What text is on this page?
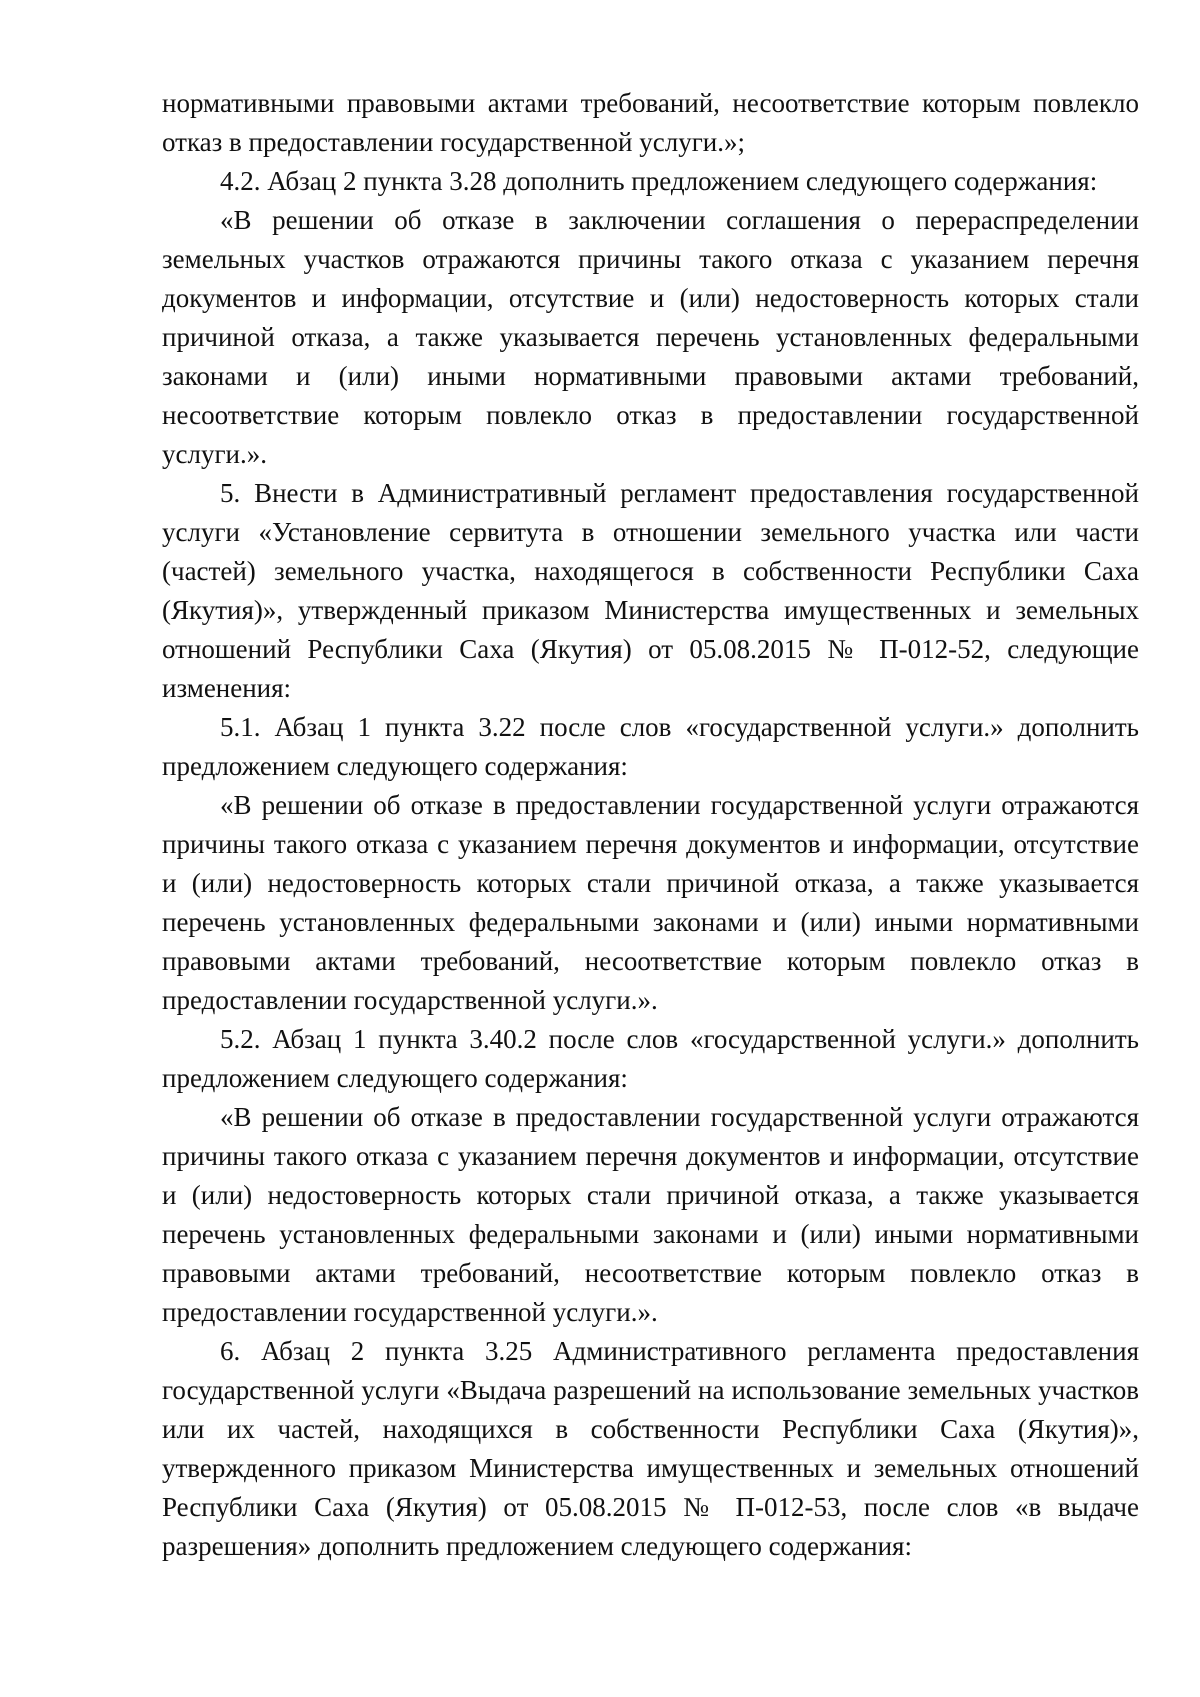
нормативными правовыми актами требований, несоответствие которым повлекло отказ в предоставлении государственной услуги.»;

4.2. Абзац 2 пункта 3.28 дополнить предложением следующего содержания:

«В решении об отказе в заключении соглашения о перераспределении земельных участков отражаются причины такого отказа с указанием перечня документов и информации, отсутствие и (или) недостоверность которых стали причиной отказа, а также указывается перечень установленных федеральными законами и (или) иными нормативными правовыми актами требований, несоответствие которым повлекло отказ в предоставлении государственной услуги.».

5. Внести в Административный регламент предоставления государственной услуги «Установление сервитута в отношении земельного участка или части (частей) земельного участка, находящегося в собственности Республики Саха (Якутия)», утвержденный приказом Министерства имущественных и земельных отношений Республики Саха (Якутия) от 05.08.2015 № П-012-52, следующие изменения:

5.1. Абзац 1 пункта 3.22 после слов «государственной услуги.» дополнить предложением следующего содержания:

«В решении об отказе в предоставлении государственной услуги отражаются причины такого отказа с указанием перечня документов и информации, отсутствие и (или) недостоверность которых стали причиной отказа, а также указывается перечень установленных федеральными законами и (или) иными нормативными правовыми актами требований, несоответствие которым повлекло отказ в предоставлении государственной услуги.».

5.2. Абзац 1 пункта 3.40.2 после слов «государственной услуги.» дополнить предложением следующего содержания:

«В решении об отказе в предоставлении государственной услуги отражаются причины такого отказа с указанием перечня документов и информации, отсутствие и (или) недостоверность которых стали причиной отказа, а также указывается перечень установленных федеральными законами и (или) иными нормативными правовыми актами требований, несоответствие которым повлекло отказ в предоставлении государственной услуги.».

6. Абзац 2 пункта 3.25 Административного регламента предоставления государственной услуги «Выдача разрешений на использование земельных участков или их частей, находящихся в собственности Республики Саха (Якутия)», утвержденного приказом Министерства имущественных и земельных отношений Республики Саха (Якутия) от 05.08.2015 № П-012-53, после слов «в выдаче разрешения» дополнить предложением следующего содержания:
